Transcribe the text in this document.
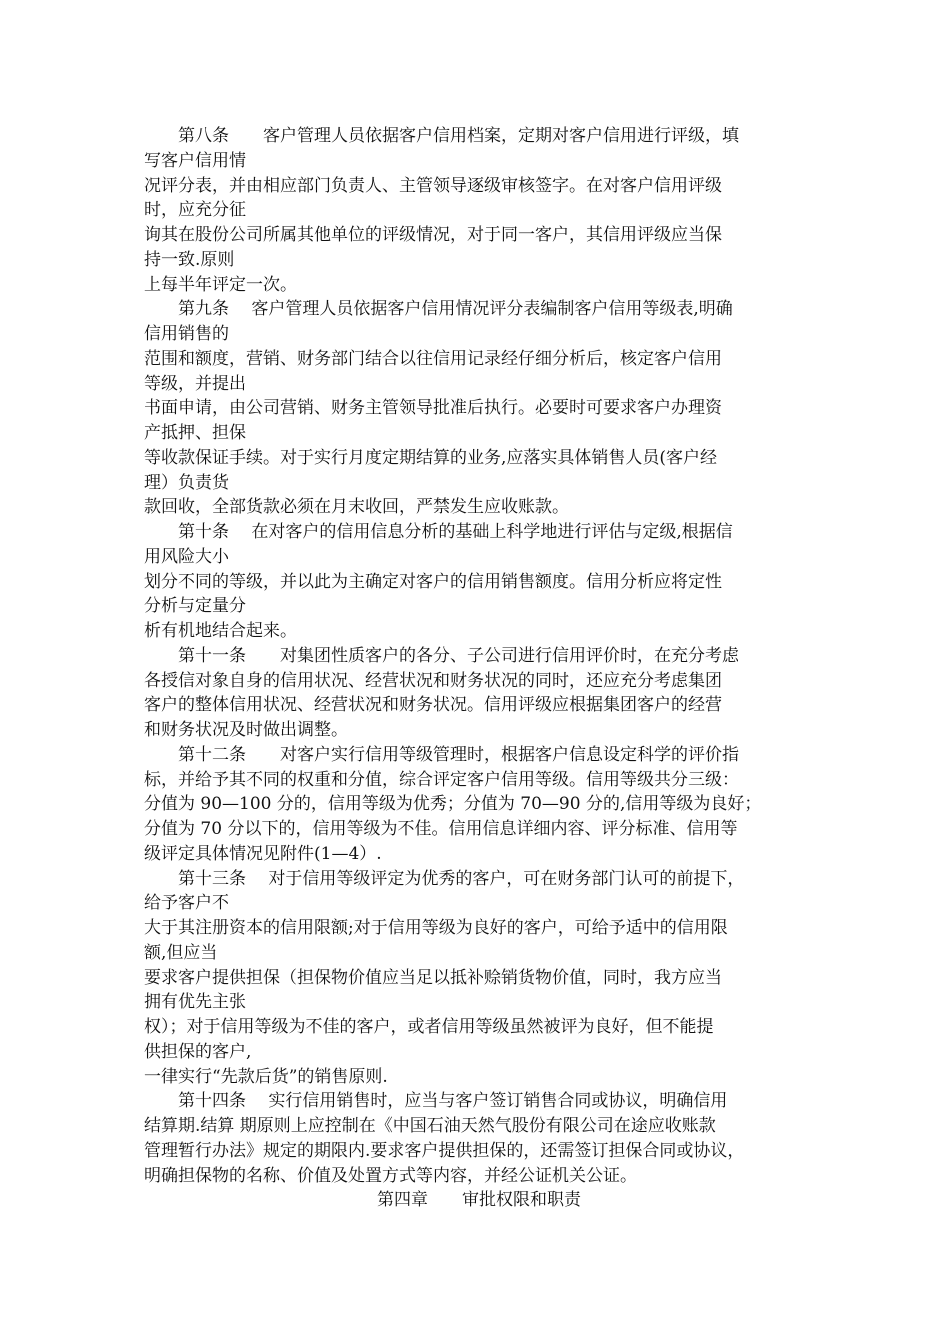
第八条　　客户管理人员依据客户信用档案，定期对客户信用进行评级，填

写客户信用情

况评分表，并由相应部门负责人、主管领导逐级审核签字。在对客户信用评级

时，应充分征

询其在股份公司所属其他单位的评级情况，对于同一客户，其信用评级应当保

持一致.原则

上每半年评定一次。

第九条　 客户管理人员依据客户信用情况评分表编制客户信用等级表,明确

信用销售的

范围和额度，营销、财务部门结合以往信用记录经仔细分析后，核定客户信用

等级，并提出

书面申请，由公司营销、财务主管领导批准后执行。必要时可要求客户办理资

产抵押、担保

等收款保证手续。对于实行月度定期结算的业务,应落实具体销售人员(客户经

理）负责货

款回收，全部货款必须在月末收回，严禁发生应收账款。

第十条　 在对客户的信用信息分析的基础上科学地进行评估与定级,根据信

用风险大小

划分不同的等级，并以此为主确定对客户的信用销售额度。信用分析应将定性

分析与定量分

析有机地结合起来。

第十一条　　对集团性质客户的各分、子公司进行信用评价时，在充分考虑

各授信对象自身的信用状况、经营状况和财务状况的同时，还应充分考虑集团

客户的整体信用状况、经营状况和财务状况。信用评级应根据集团客户的经营

和财务状况及时做出调整。

第十二条　　对客户实行信用等级管理时，根据客户信息设定科学的评价指

标，并给予其不同的权重和分值，综合评定客户信用等级。信用等级共分三级：

分值为 90—100 分的，信用等级为优秀；分值为 70—90 分的,信用等级为良好；

分值为 70 分以下的，信用等级为不佳。信用信息详细内容、评分标准、信用等

级评定具体情况见附件(1—4）.

第十三条　 对于信用等级评定为优秀的客户，可在财务部门认可的前提下，

给予客户不

大于其注册资本的信用限额;对于信用等级为良好的客户，可给予适中的信用限

额,但应当

要求客户提供担保（担保物价值应当足以抵补赊销货物价值，同时，我方应当

拥有优先主张

权）；对于信用等级为不佳的客户，或者信用等级虽然被评为良好，但不能提

供担保的客户,

一律实行“先款后货”的销售原则.

第十四条　 实行信用销售时，应当与客户签订销售合同或协议，明确信用

结算期.结算 期原则上应控制在《中国石油天然气股份有限公司在途应收账款

管理暂行办法》规定的期限内.要求客户提供担保的，还需签订担保合同或协议，

明确担保物的名称、价值及处置方式等内容，并经公证机关公证。

第四章　　审批权限和职责
